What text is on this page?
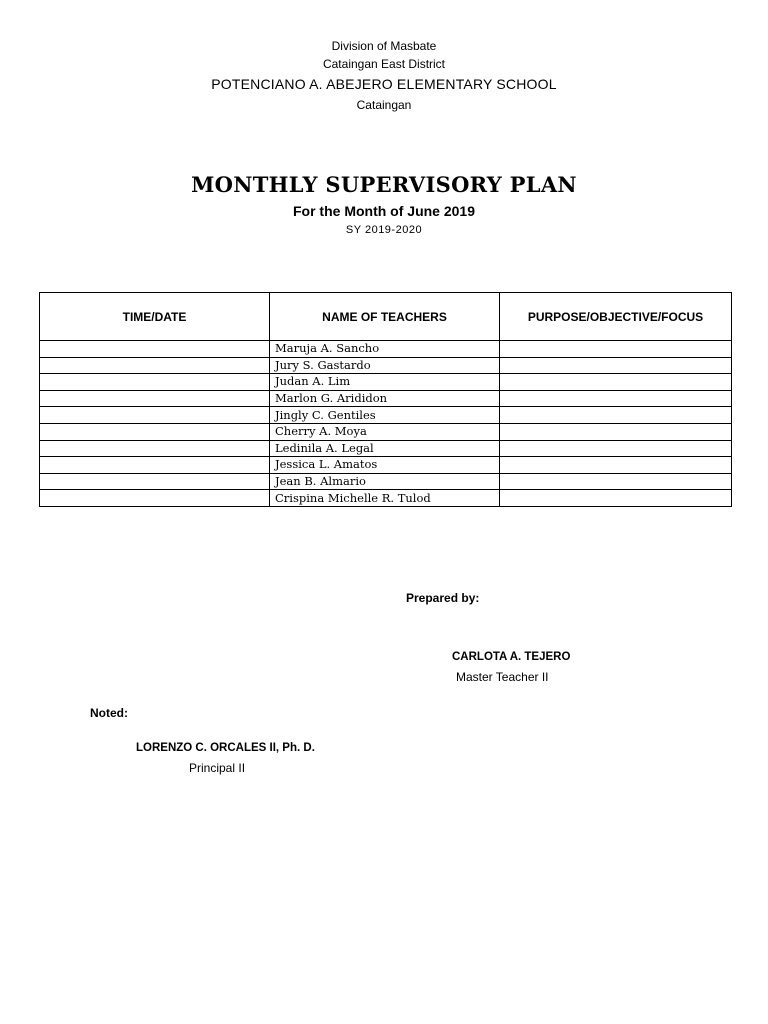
Division of Masbate
Cataingan East District
POTENCIANO A. ABEJERO ELEMENTARY SCHOOL
Cataingan
MONTHLY SUPERVISORY PLAN
For the Month of June 2019
SY 2019-2020
TIME/DATE	NAME OF TEACHERS	PURPOSE/OBJECTIVE/FOCUS
	Maruja A. Sancho	
	Jury S. Gastardo	
	Judan A. Lim	
	Marlon G. Arididon	
	Jingly C. Gentiles	
	Cherry A. Moya	
	Ledinila A. Legal	
	Jessica L. Amatos	
	Jean B. Almario	
	Crispina Michelle R. Tulod	
Prepared by:
CARLOTA A. TEJERO
Master Teacher II
Noted:
LORENZO C. ORCALES II, Ph. D.
Principal II
